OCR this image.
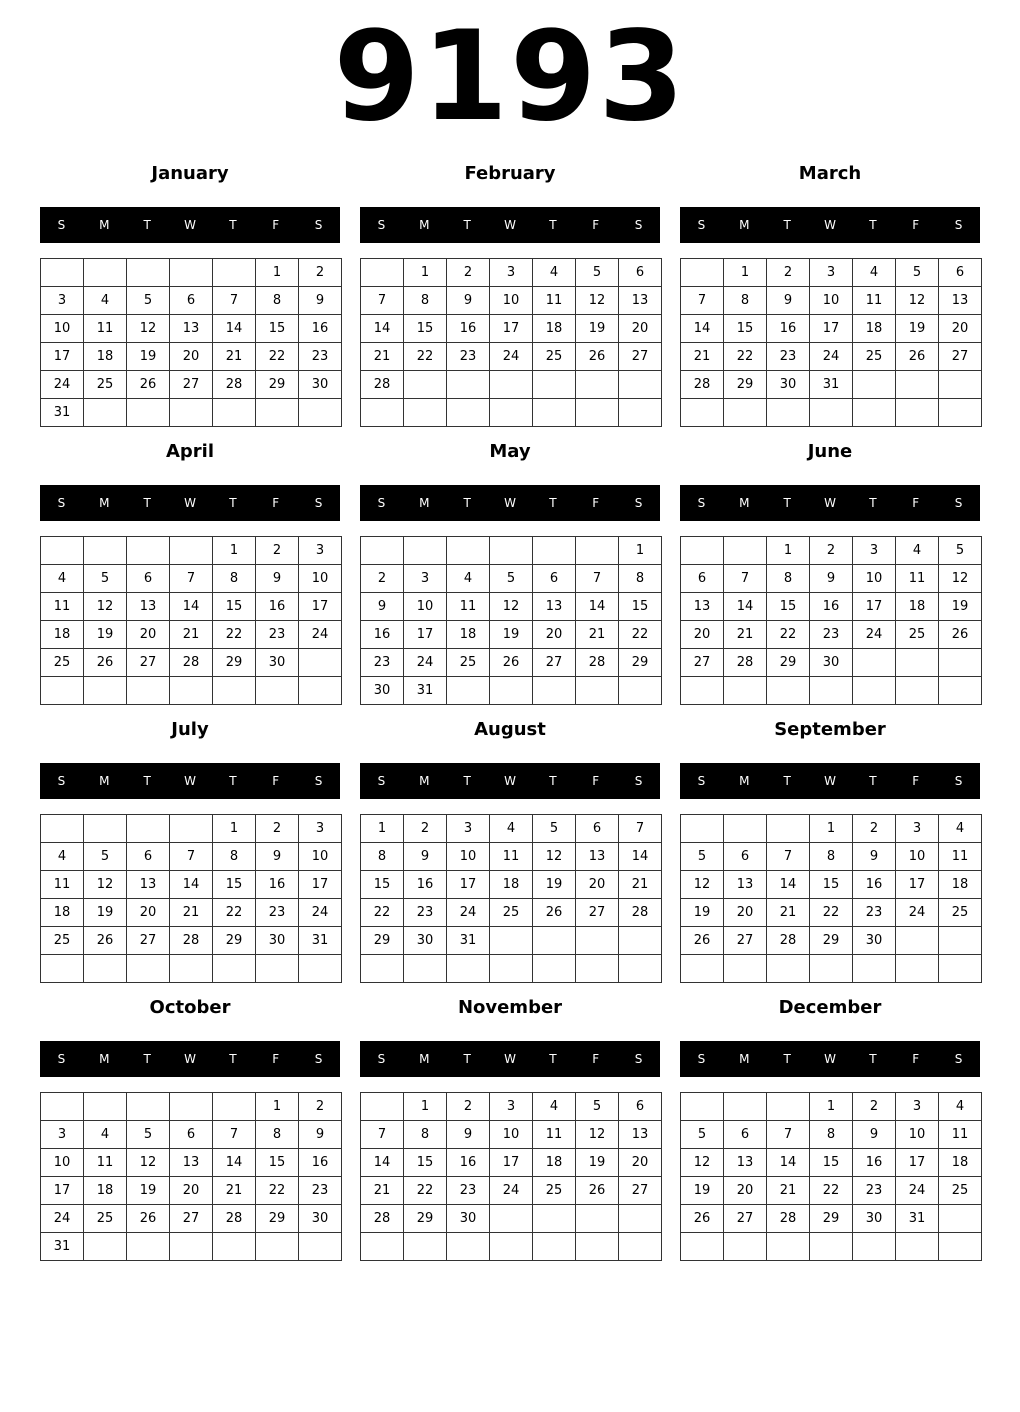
9193
January
S	M	T	W	T	F	S
					1	2
3	4	5	6	7	8	9
10	11	12	13	14	15	16
17	18	19	20	21	22	23
24	25	26	27	28	29	30
31						
February
S	M	T	W	T	F	S
	1	2	3	4	5	6
7	8	9	10	11	12	13
14	15	16	17	18	19	20
21	22	23	24	25	26	27
28						

March
S	M	T	W	T	F	S
	1	2	3	4	5	6
7	8	9	10	11	12	13
14	15	16	17	18	19	20
21	22	23	24	25	26	27
28	29	30	31			

April
S	M	T	W	T	F	S
				1	2	3
4	5	6	7	8	9	10
11	12	13	14	15	16	17
18	19	20	21	22	23	24
25	26	27	28	29	30	

May
S	M	T	W	T	F	S
						1
2	3	4	5	6	7	8
9	10	11	12	13	14	15
16	17	18	19	20	21	22
23	24	25	26	27	28	29
30	31					
June
S	M	T	W	T	F	S
		1	2	3	4	5
6	7	8	9	10	11	12
13	14	15	16	17	18	19
20	21	22	23	24	25	26
27	28	29	30			

July
S	M	T	W	T	F	S
				1	2	3
4	5	6	7	8	9	10
11	12	13	14	15	16	17
18	19	20	21	22	23	24
25	26	27	28	29	30	31

August
S	M	T	W	T	F	S
1	2	3	4	5	6	7
8	9	10	11	12	13	14
15	16	17	18	19	20	21
22	23	24	25	26	27	28
29	30	31				

September
S	M	T	W	T	F	S
			1	2	3	4
5	6	7	8	9	10	11
12	13	14	15	16	17	18
19	20	21	22	23	24	25
26	27	28	29	30		

October
S	M	T	W	T	F	S
					1	2
3	4	5	6	7	8	9
10	11	12	13	14	15	16
17	18	19	20	21	22	23
24	25	26	27	28	29	30
31						
November
S	M	T	W	T	F	S
	1	2	3	4	5	6
7	8	9	10	11	12	13
14	15	16	17	18	19	20
21	22	23	24	25	26	27
28	29	30				

December
S	M	T	W	T	F	S
			1	2	3	4
5	6	7	8	9	10	11
12	13	14	15	16	17	18
19	20	21	22	23	24	25
26	27	28	29	30	31	
